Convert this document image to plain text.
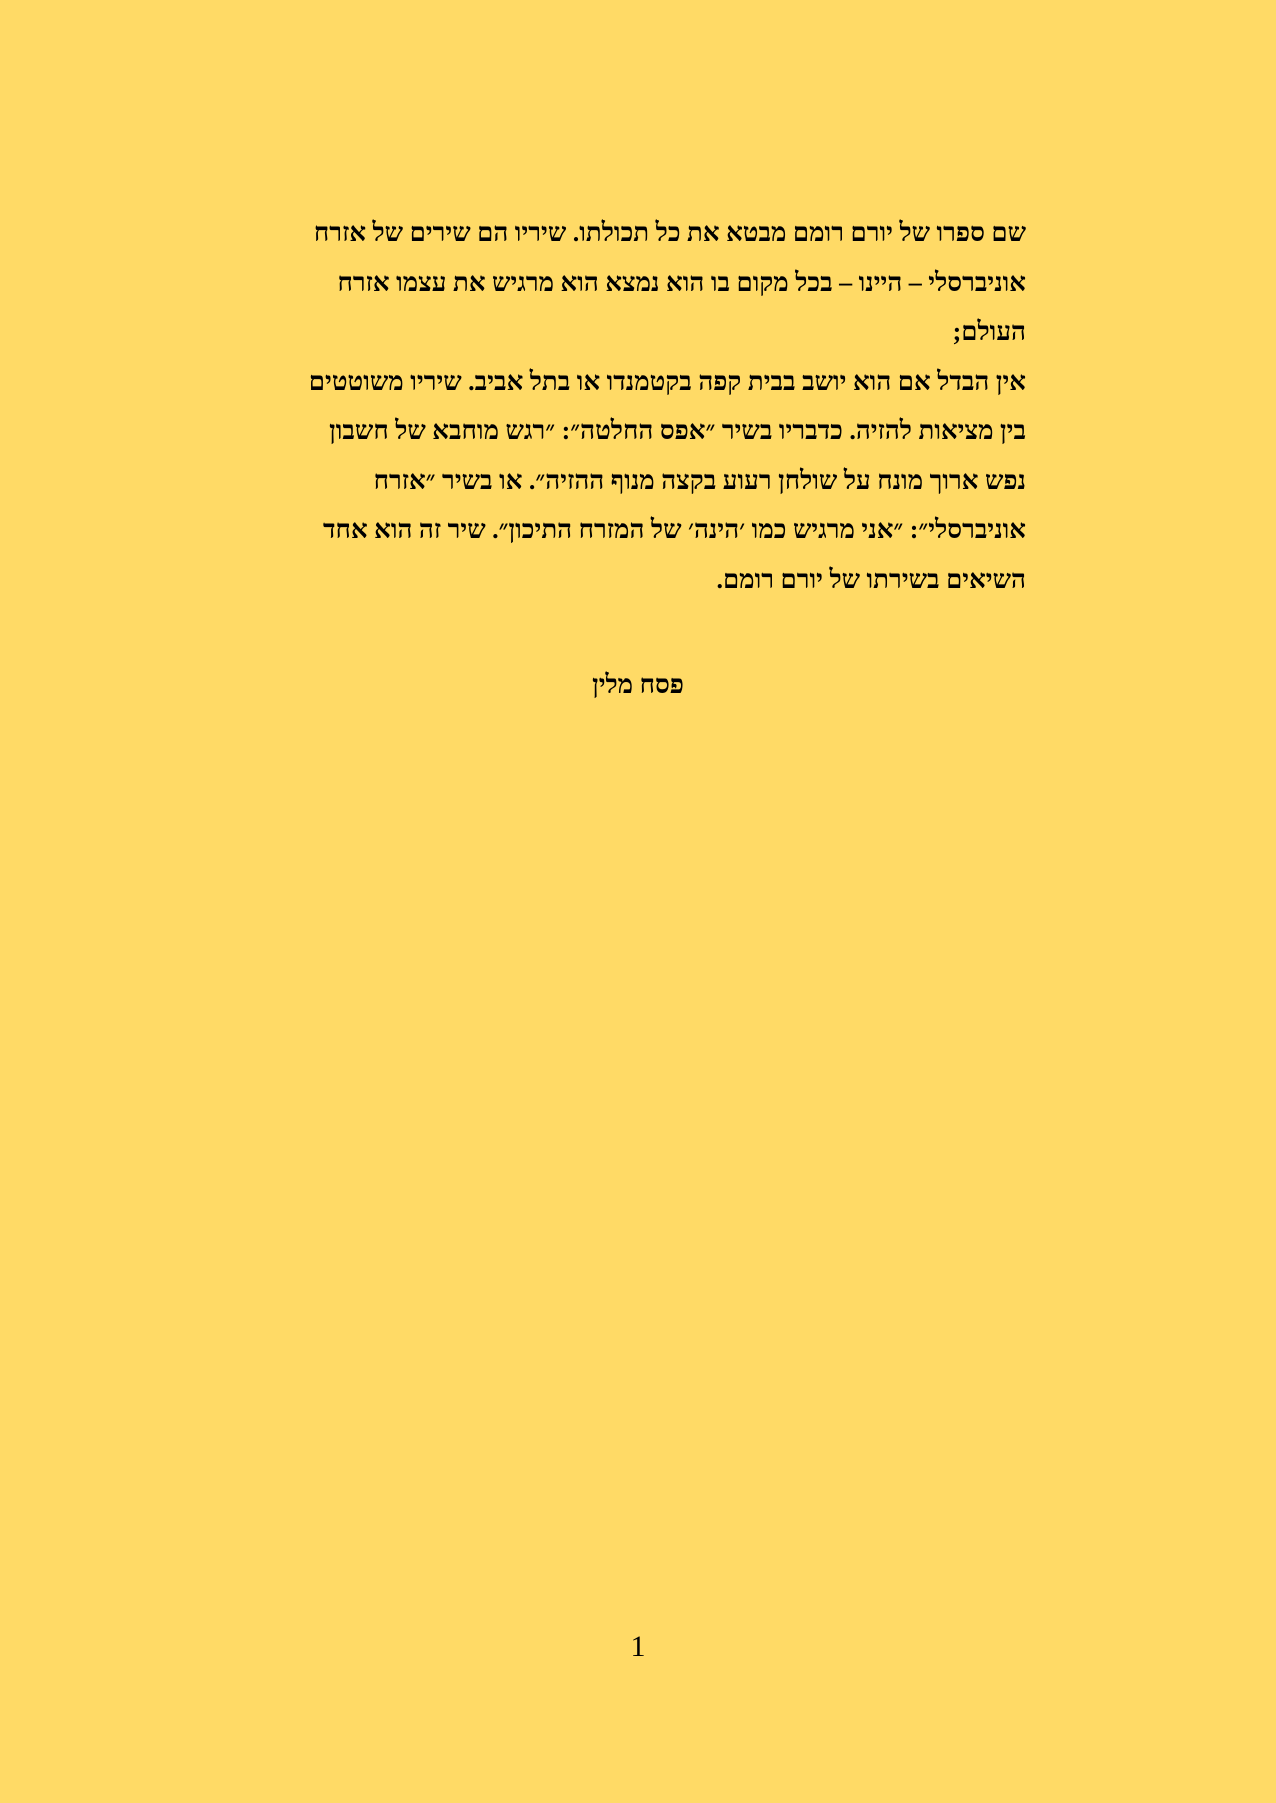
שם ספרו של יורם רומם מבטא את כל תכולתו. שיריו הם שירים של אזרח
אוניברסלי – היינו – בכל מקום בו הוא נמצא הוא מרגיש את עצמו אזרח
העולם;
אין הבדל אם הוא יושב בבית קפה בקטמנדו או בתל אביב. שיריו משוטטים
בין מציאות להזיה. כדבריו בשיר ״אפס החלטה״: ״רגש מוחבא של חשבון
נפש ארוך מונח על שולחן רעוע בקצה מנוף ההזיה״. או בשיר ״אזרח
אוניברסלי״: ״אני מרגיש כמו ׳הינה׳ של המזרח התיכון״. שיר זה הוא אחד
השיאים בשירתו של יורם רומם.
פסח מלין
1
